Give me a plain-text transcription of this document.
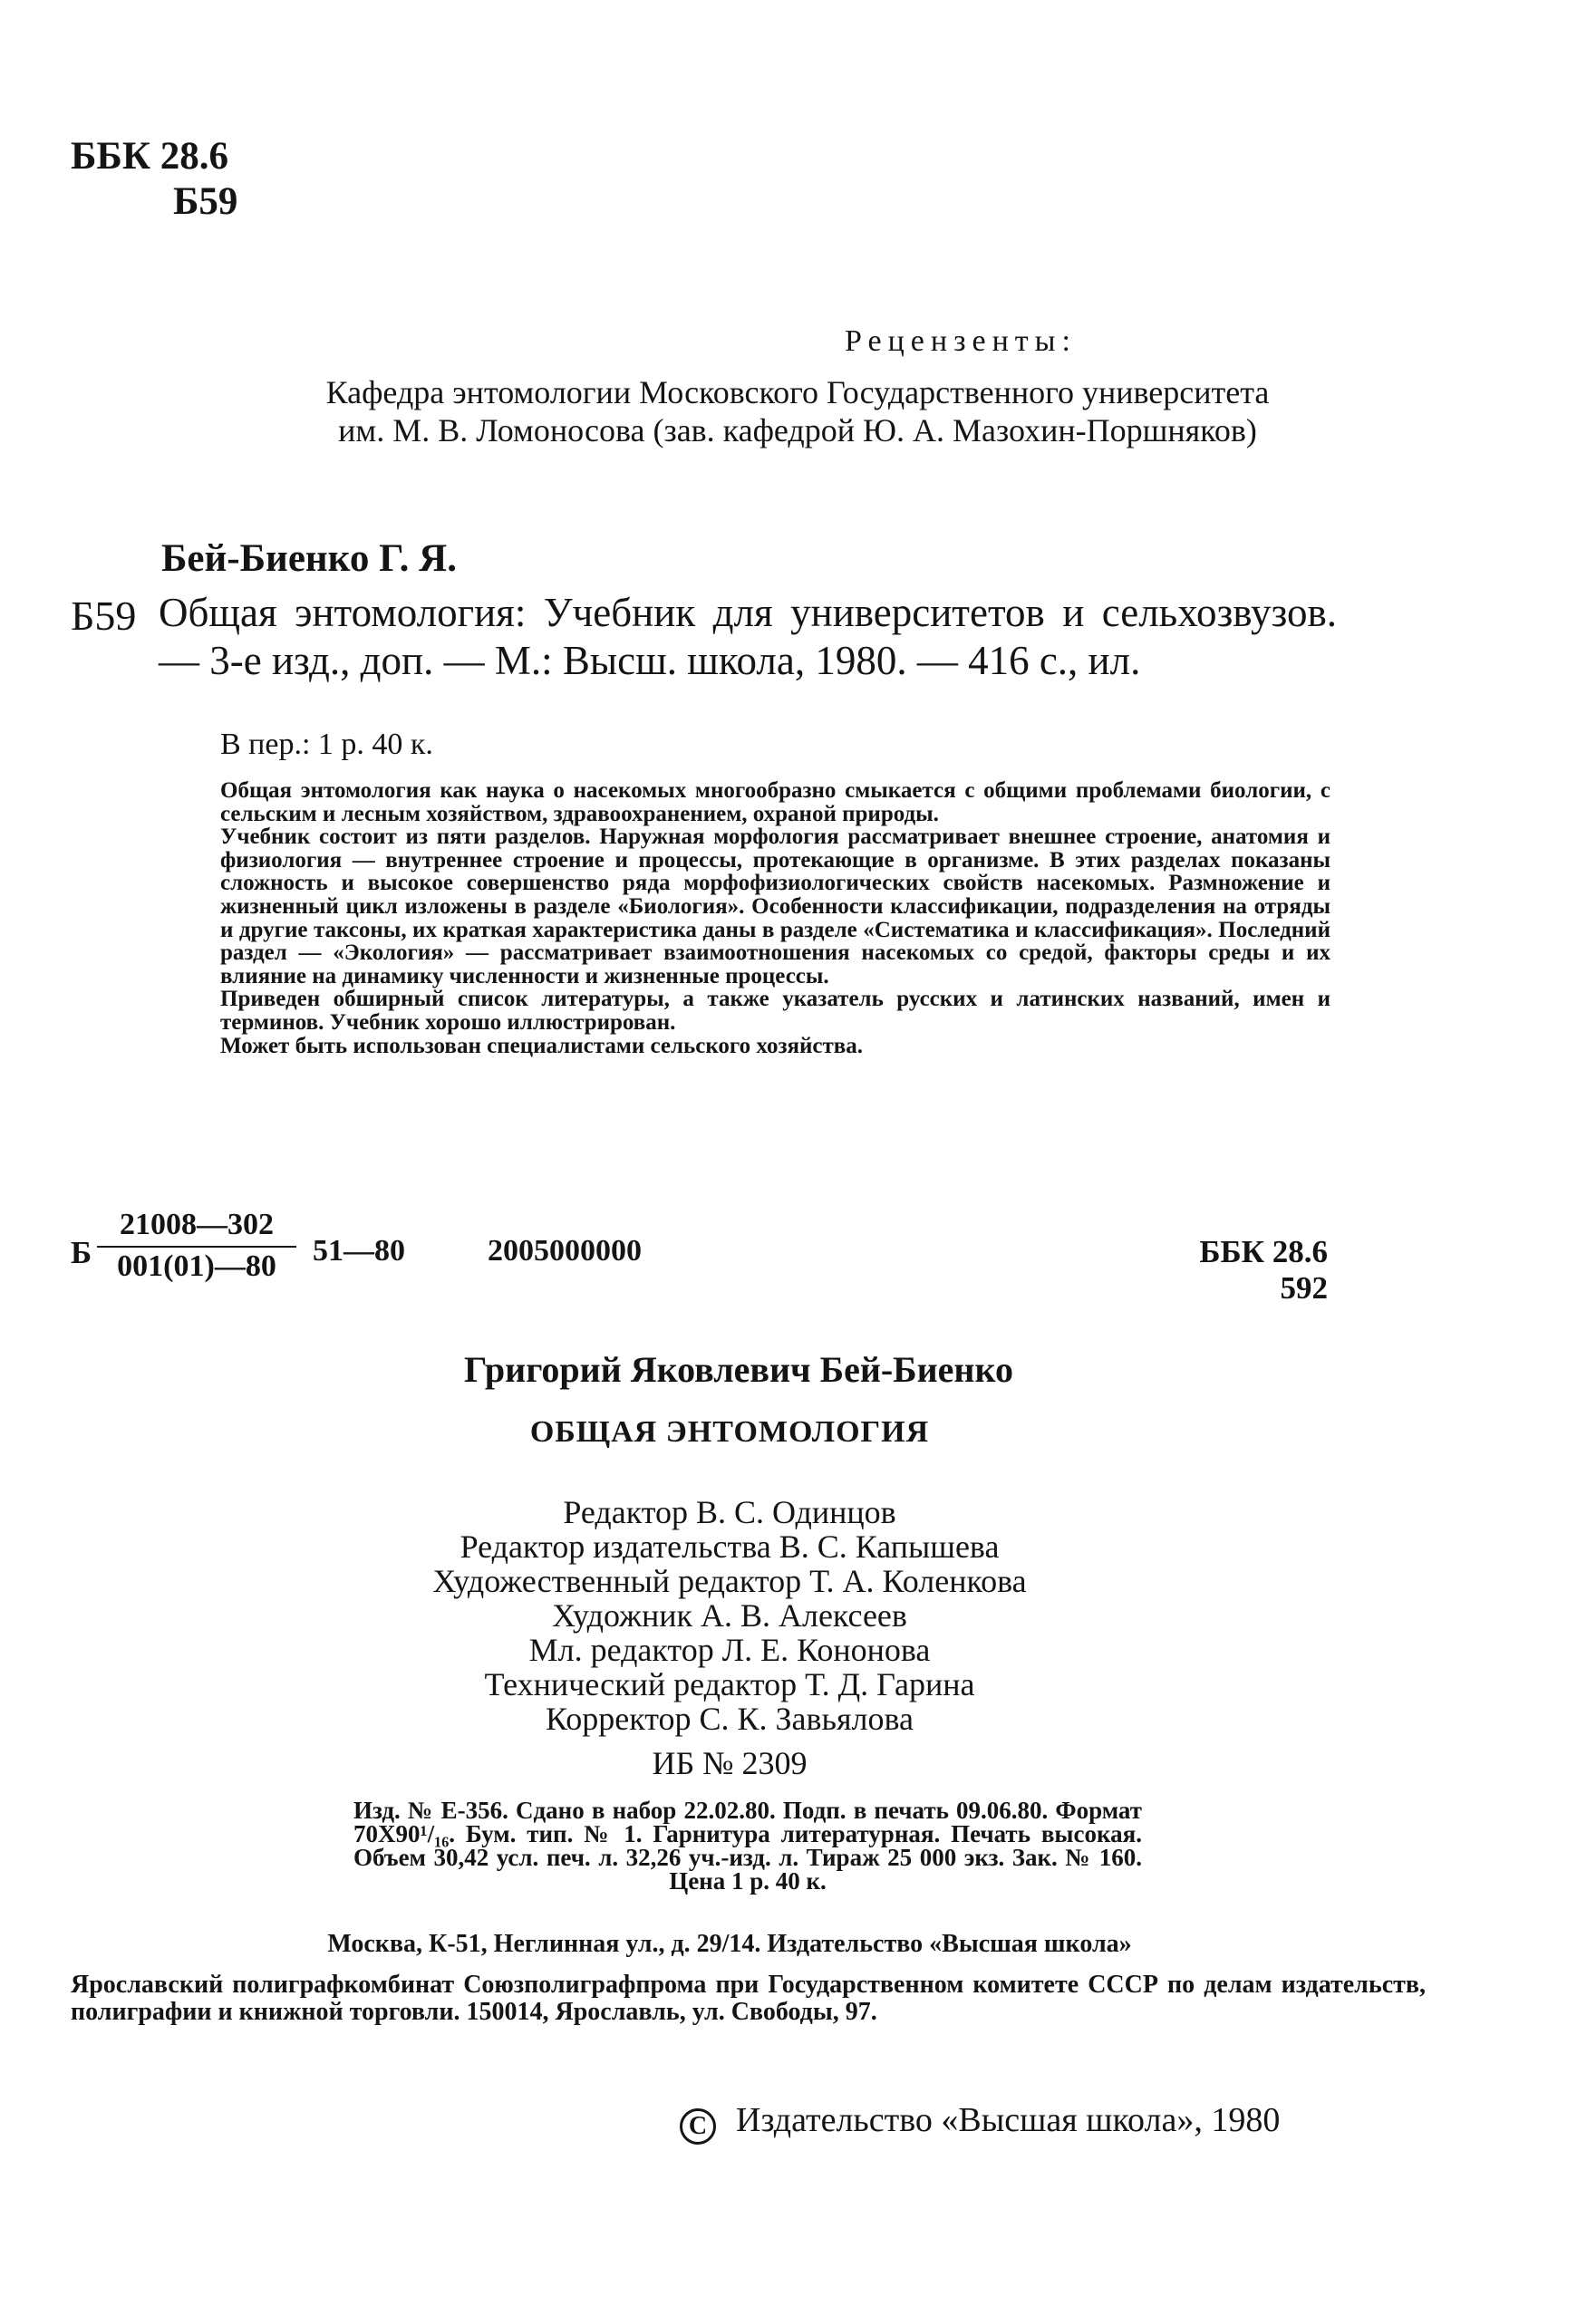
ББК 28.6
Б59
Рецензенты:
Кафедра энтомологии Московского Государственного университета
им. М. В. Ломоносова (зав. кафедрой Ю. А. Мазохин-Поршняков)
Бей-Биенко Г. Я.
Б59 Общая энтомология: Учебник для университетов и сельхозвузов. — 3-е изд., доп. — М.: Высш. школа, 1980. — 416 с., ил.
В пер.: 1 р. 40 к.

Общая энтомология как наука о насекомых многообразно смыкается с общими проблемами биологии, с сельским и лесным хозяйством, здравоохранением, охраной природы.

Учебник состоит из пяти разделов. Наружная морфология рассматривает внешнее строение, анатомия и физиология — внутреннее строение и процессы, протекающие в организме. В этих разделах показаны сложность и высокое совершенство ряда морфофизиологических свойств насекомых. Размножение и жизненный цикл изложены в разделе «Биология». Особенности классификации, подразделения на отряды и другие таксоны, их краткая характеристика даны в разделе «Систематика и классификация». Последний раздел — «Экология» — рассматривает взаимоотношения насекомых со средой, факторы среды и их влияние на динамику численности и жизненные процессы.

Приведен обширный список литературы, а также указатель русских и латинских названий, имен и терминов. Учебник хорошо иллюстрирован.

Может быть использован специалистами сельского хозяйства.

Б $\frac{21008—302}{001(01)—80}$ 51—80	2005000000	ББК 28.6
592
Григорий Яковлевич Бей-Биенко
ОБЩАЯ ЭНТОМОЛОГИЯ
Редактор В. С. Одинцов
Редактор издательства В. С. Капышева
Художественный редактор Т. А. Коленкова
Художник А. В. Алексеев
Мл. редактор Л. Е. Кононова
Технический редактор Т. Д. Гарина
Корректор С. К. Завьялова
ИБ № 2309
Изд. № Е-356. Сдано в набор 22.02.80. Подп. в печать 09.06.80. Формат 70Х90¹/₁₆. Бум. тип. № 1. Гарнитура литературная. Печать высокая. Объем 30,42 усл. печ. л. 32,26 уч.-изд. л. Тираж 25 000 экз. Зак. № 160. Цена 1 р. 40 к.
Москва, К-51, Неглинная ул., д. 29/14. Издательство «Высшая школа»
Ярославский полиграфкомбинат Союзполиграфпрома при Государственном комитете СССР по делам издательств, полиграфии и книжной торговли. 150014, Ярославль, ул. Свободы, 97.
C Издательство «Высшая школа», 1980
